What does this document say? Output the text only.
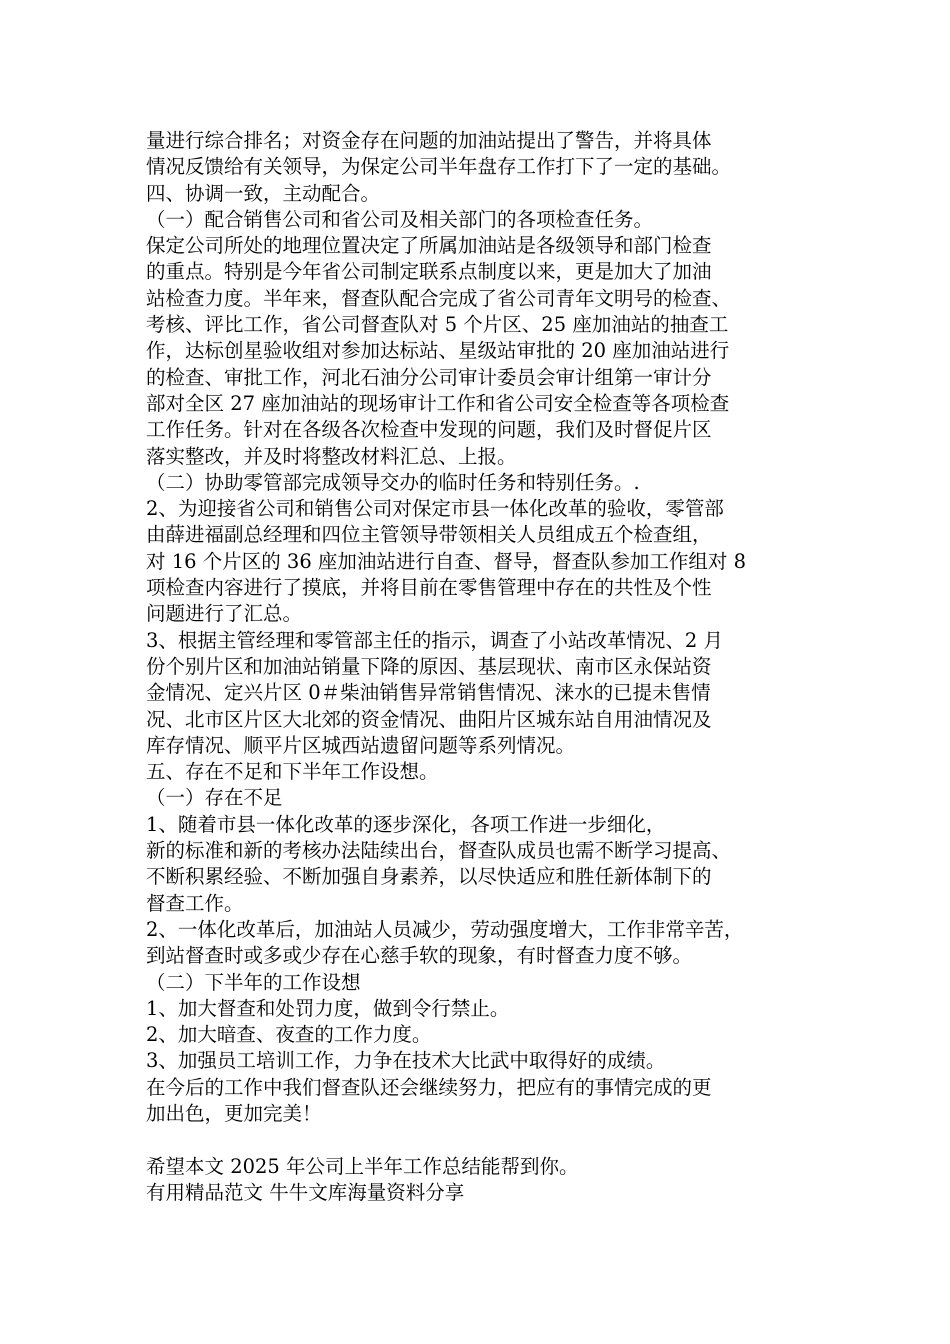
量进行综合排名；对资金存在问题的加油站提出了警告，并将具体
情况反馈给有关领导，为保定公司半年盘存工作打下了一定的基础。
四、协调一致，主动配合。
（一）配合销售公司和省公司及相关部门的各项检查任务。
保定公司所处的地理位置决定了所属加油站是各级领导和部门检查
的重点。特别是今年省公司制定联系点制度以来，更是加大了加油
站检查力度。半年来，督查队配合完成了省公司青年文明号的检查、
考核、评比工作，省公司督查队对 5 个片区、25 座加油站的抽查工
作，达标创星验收组对参加达标站、星级站审批的 20 座加油站进行
的检查、审批工作，河北石油分公司审计委员会审计组第一审计分
部对全区 27 座加油站的现场审计工作和省公司安全检查等各项检查
工作任务。针对在各级各次检查中发现的问题，我们及时督促片区
落实整改，并及时将整改材料汇总、上报。
（二）协助零管部完成领导交办的临时任务和特别任务。.
2、为迎接省公司和销售公司对保定市县一体化改革的验收，零管部
由薛进福副总经理和四位主管领导带领相关人员组成五个检查组，
对 16 个片区的 36 座加油站进行自查、督导，督查队参加工作组对 8
项检查内容进行了摸底，并将目前在零售管理中存在的共性及个性
问题进行了汇总。
3、根据主管经理和零管部主任的指示，调查了小站改革情况、2 月
份个别片区和加油站销量下降的原因、基层现状、南市区永保站资
金情况、定兴片区 0＃柴油销售异常销售情况、涞水的已提未售情
况、北市区片区大北郊的资金情况、曲阳片区城东站自用油情况及
库存情况、顺平片区城西站遗留问题等系列情况。
五、存在不足和下半年工作设想。
（一）存在不足
1、随着市县一体化改革的逐步深化，各项工作进一步细化，
新的标准和新的考核办法陆续出台，督查队成员也需不断学习提高、
不断积累经验、不断加强自身素养，以尽快适应和胜任新体制下的
督查工作。
2、一体化改革后，加油站人员减少，劳动强度增大，工作非常辛苦，
到站督查时或多或少存在心慈手软的现象，有时督查力度不够。
（二）下半年的工作设想
1、加大督查和处罚力度，做到令行禁止。
2、加大暗查、夜查的工作力度。
3、加强员工培训工作，力争在技术大比武中取得好的成绩。
在今后的工作中我们督查队还会继续努力，把应有的事情完成的更
加出色，更加完美！
希望本文 2025 年公司上半年工作总结能帮到你。
有用精品范文 牛牛文库海量资料分享
